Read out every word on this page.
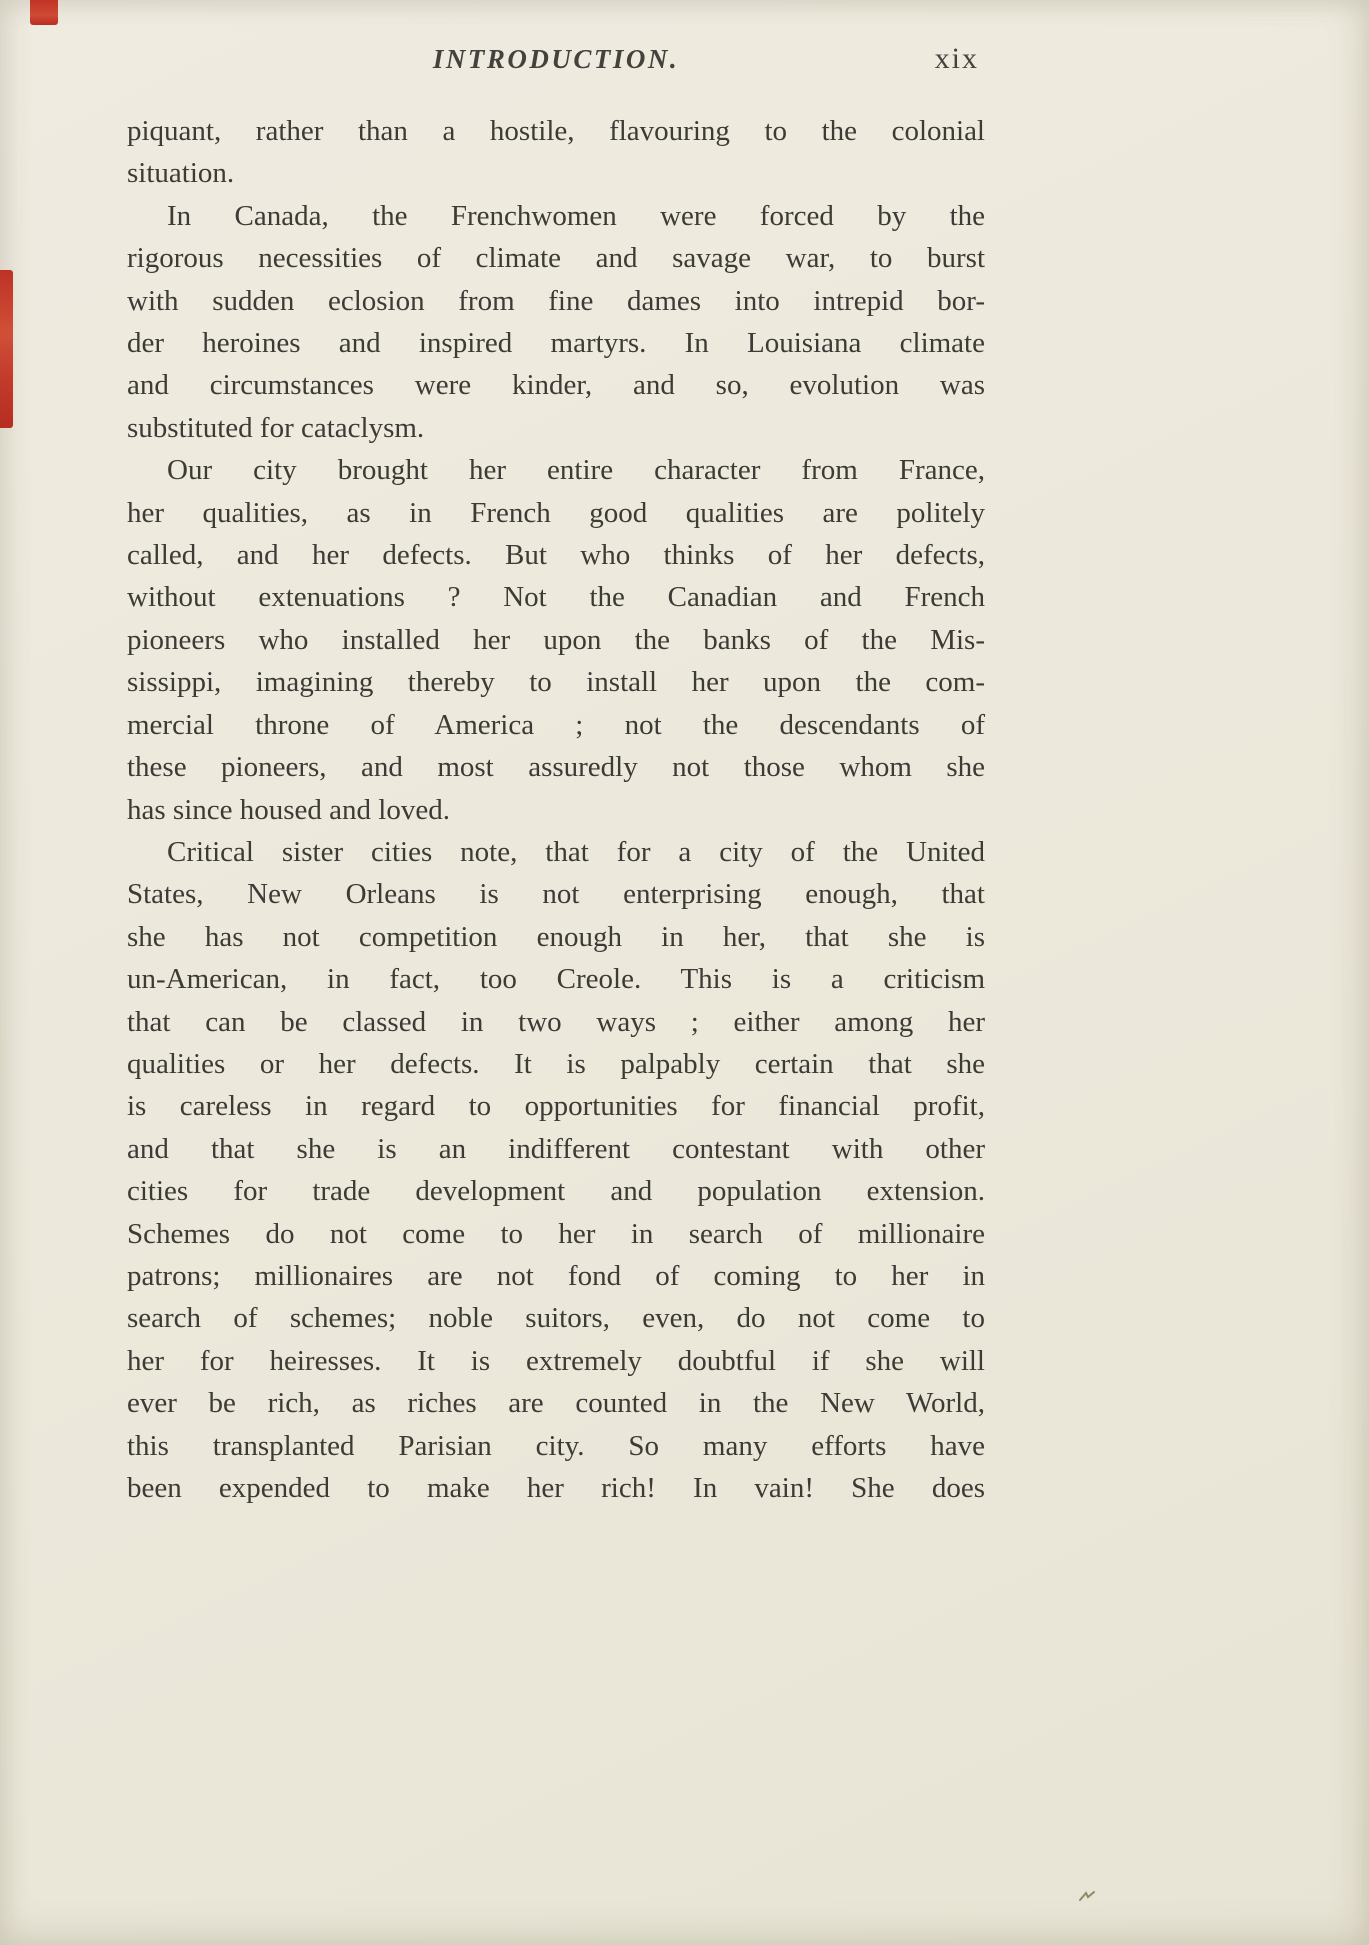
INTRODUCTION.	xix
piquant, rather than a hostile, flavouring to the colonial
situation.
In Canada, the Frenchwomen were forced by the
rigorous necessities of climate and savage war, to burst
with sudden eclosion from fine dames into intrepid bor-
der heroines and inspired martyrs. In Louisiana climate
and circumstances were kinder, and so, evolution was
substituted for cataclysm.
Our city brought her entire character from France,
her qualities, as in French good qualities are politely
called, and her defects. But who thinks of her defects,
without extenuations ? Not the Canadian and French
pioneers who installed her upon the banks of the Mis-
sissippi, imagining thereby to install her upon the com-
mercial throne of America ; not the descendants of
these pioneers, and most assuredly not those whom she
has since housed and loved.
Critical sister cities note, that for a city of the United
States, New Orleans is not enterprising enough, that
she has not competition enough in her, that she is
un-American, in fact, too Creole. This is a criticism
that can be classed in two ways ; either among her
qualities or her defects. It is palpably certain that she
is careless in regard to opportunities for financial profit,
and that she is an indifferent contestant with other
cities for trade development and population extension.
Schemes do not come to her in search of millionaire
patrons; millionaires are not fond of coming to her in
search of schemes; noble suitors, even, do not come to
her for heiresses. It is extremely doubtful if she will
ever be rich, as riches are counted in the New World,
this transplanted Parisian city. So many efforts have
been expended to make her rich! In vain! She does
